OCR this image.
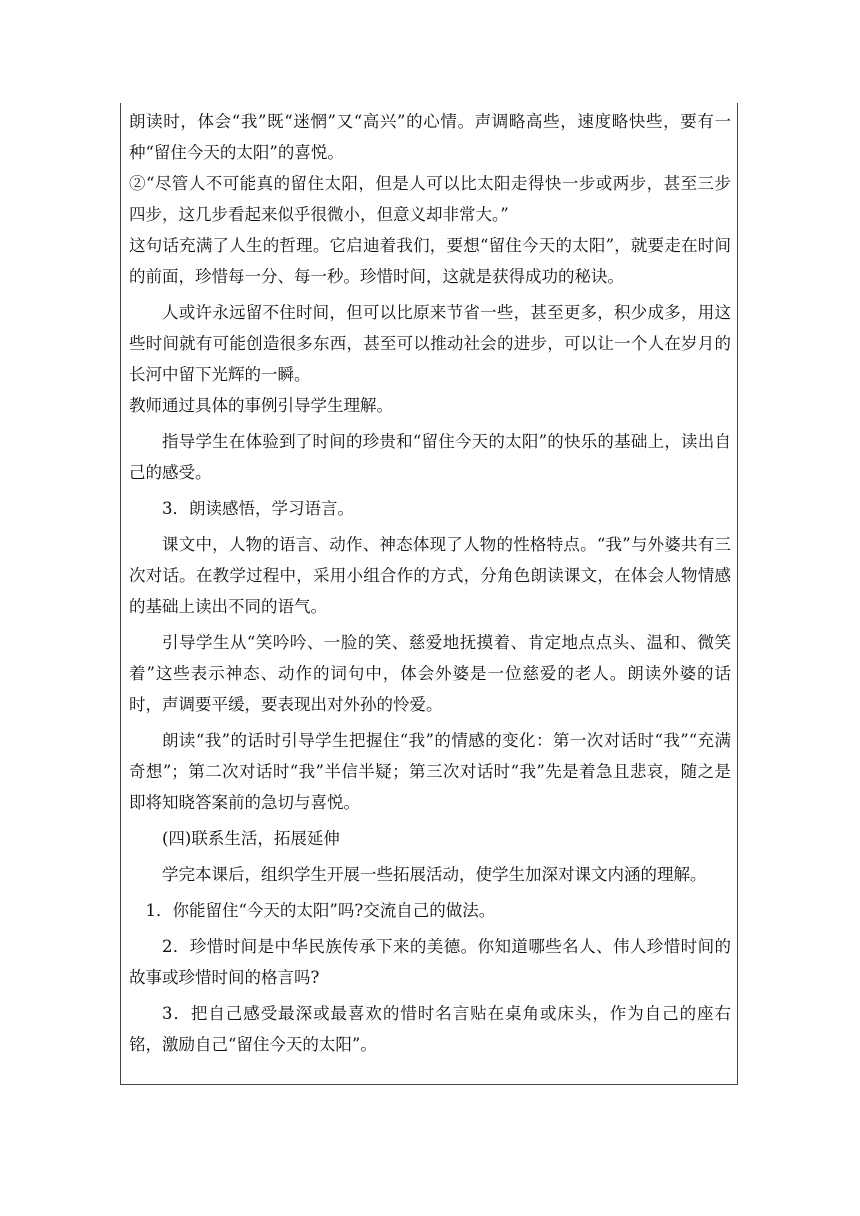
朗读时，体会“我”既“迷惘”又“高兴”的心情。声调略高些，速度略快些，要有一种“留住今天的太阳”的喜悦。

②“尽管人不可能真的留住太阳，但是人可以比太阳走得快一步或两步，甚至三步四步，这几步看起来似乎很微小，但意义却非常大。”

这句话充满了人生的哲理。它启迪着我们，要想“留住今天的太阳”，就要走在时间的前面，珍惜每一分、每一秒。珍惜时间，这就是获得成功的秘诀。

人或许永远留不住时间，但可以比原来节省一些，甚至更多，积少成多，用这些时间就有可能创造很多东西，甚至可以推动社会的进步，可以让一个人在岁月的长河中留下光辉的一瞬。

教师通过具体的事例引导学生理解。

指导学生在体验到了时间的珍贵和“留住今天的太阳”的快乐的基础上，读出自己的感受。

3．朗读感悟，学习语言。

课文中，人物的语言、动作、神态体现了人物的性格特点。“我”与外婆共有三次对话。在教学过程中，采用小组合作的方式，分角色朗读课文，在体会人物情感的基础上读出不同的语气。

引导学生从“笑吟吟、一脸的笑、慈爱地抚摸着、肯定地点点头、温和、微笑着”这些表示神态、动作的词句中，体会外婆是一位慈爱的老人。朗读外婆的话时，声调要平缓，要表现出对外孙的怜爱。

朗读“我”的话时引导学生把握住“我”的情感的变化：第一次对话时“我”“充满奇想”；第二次对话时“我”半信半疑；第三次对话时“我”先是着急且悲哀，随之是即将知晓答案前的急切与喜悦。

(四)联系生活，拓展延伸

学完本课后，组织学生开展一些拓展活动，使学生加深对课文内涵的理解。

1．你能留住“今天的太阳”吗?交流自己的做法。

2．珍惜时间是中华民族传承下来的美德。你知道哪些名人、伟人珍惜时间的故事或珍惜时间的格言吗?

3．把自己感受最深或最喜欢的惜时名言贴在桌角或床头，作为自己的座右铭，激励自己“留住今天的太阳”。
